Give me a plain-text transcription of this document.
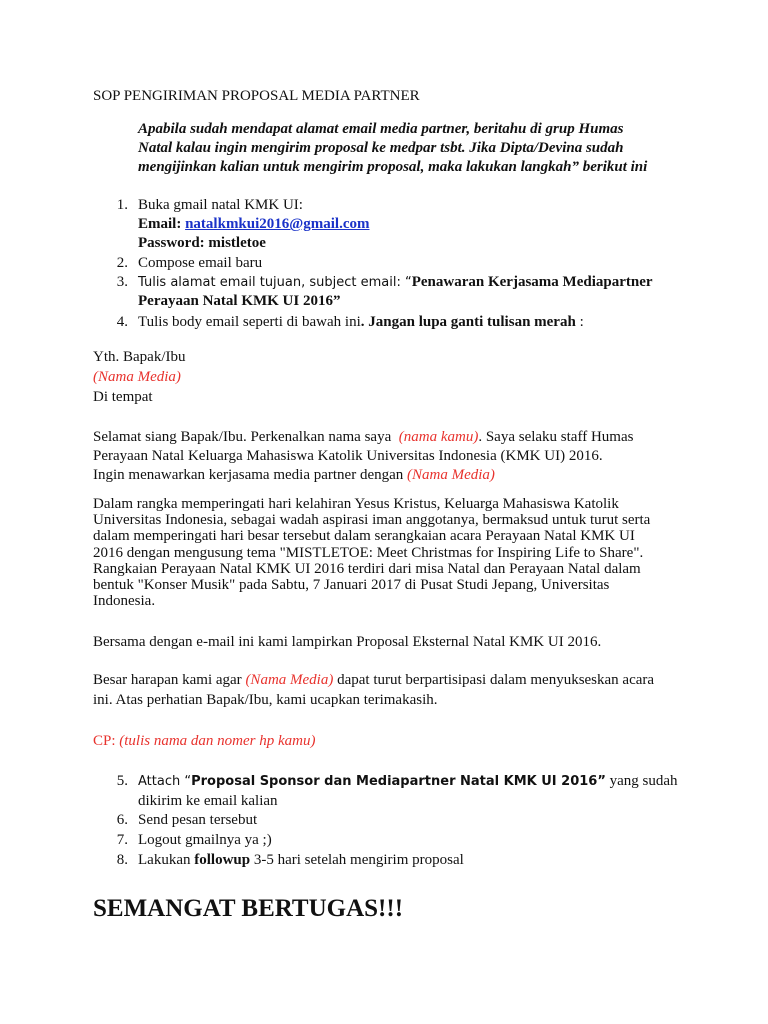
SOP PENGIRIMAN PROPOSAL MEDIA PARTNER
Apabila sudah mendapat alamat email media partner, beritahu di grup Humas
Natal kalau ingin mengirim proposal ke medpar tsbt. Jika Dipta/Devina sudah
mengijinkan kalian untuk mengirim proposal, maka lakukan langkah” berikut ini
1. Buka gmail natal KMK UI:
Email: natalkmkui2016@gmail.com
Password: mistletoe
2. Compose email baru
3. Tulis alamat email tujuan, subject email: “Penawaran Kerjasama Mediapartner
Perayaan Natal KMK UI 2016”
4. Tulis body email seperti di bawah ini. Jangan lupa ganti tulisan merah :
Yth. Bapak/Ibu
(Nama Media)
Di tempat
Selamat siang Bapak/Ibu. Perkenalkan nama saya (nama kamu). Saya selaku staff Humas
Perayaan Natal Keluarga Mahasiswa Katolik Universitas Indonesia (KMK UI) 2016.
Ingin menawarkan kerjasama media partner dengan (Nama Media)
Dalam rangka memperingati hari kelahiran Yesus Kristus, Keluarga Mahasiswa Katolik
Universitas Indonesia, sebagai wadah aspirasi iman anggotanya, bermaksud untuk turut serta
dalam memperingati hari besar tersebut dalam serangkaian acara Perayaan Natal KMK UI
2016 dengan mengusung tema "MISTLETOE: Meet Christmas for Inspiring Life to Share".
Rangkaian Perayaan Natal KMK UI 2016 terdiri dari misa Natal dan Perayaan Natal dalam
bentuk "Konser Musik" pada Sabtu, 7 Januari 2017 di Pusat Studi Jepang, Universitas
Indonesia.
Bersama dengan e-mail ini kami lampirkan Proposal Eksternal Natal KMK UI 2016.
Besar harapan kami agar (Nama Media) dapat turut berpartisipasi dalam menyukseskan acara
ini. Atas perhatian Bapak/Ibu, kami ucapkan terimakasih.
CP: (tulis nama dan nomer hp kamu)
5. Attach “Proposal Sponsor dan Mediapartner Natal KMK UI 2016” yang sudah
dikirim ke email kalian
6. Send pesan tersebut
7. Logout gmailnya ya ;)
8. Lakukan followup 3-5 hari setelah mengirim proposal
SEMANGAT BERTUGAS!!!
